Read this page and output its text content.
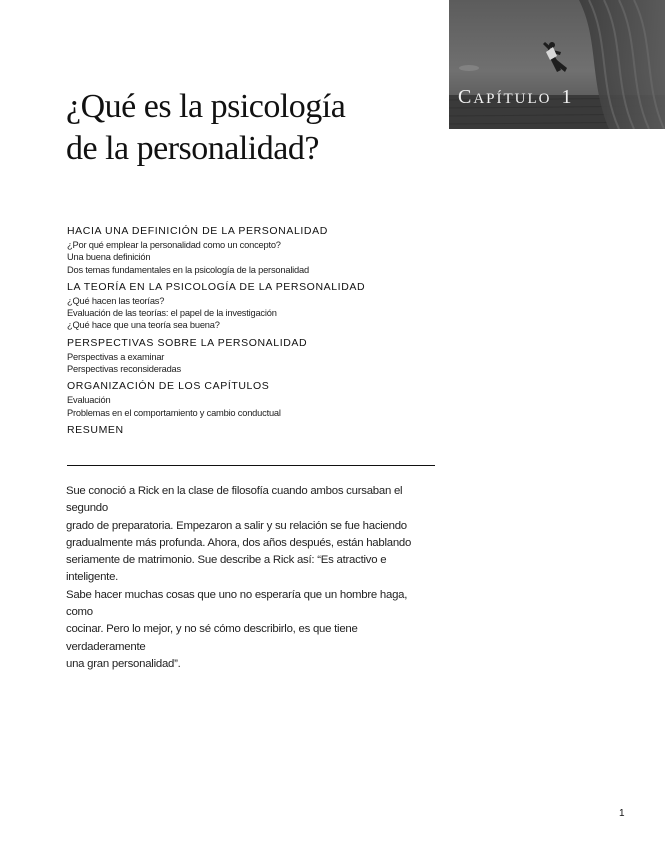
CAPÍTULO 1
¿Qué es la psicología
de la personalidad?
HACIA UNA DEFINICIÓN DE LA PERSONALIDAD
¿Por qué emplear la personalidad como un concepto?
Una buena definición
Dos temas fundamentales en la psicología de la personalidad
LA TEORÍA EN LA PSICOLOGÍA DE LA PERSONALIDAD
¿Qué hacen las teorías?
Evaluación de las teorías: el papel de la investigación
¿Qué hace que una teoría sea buena?
PERSPECTIVAS SOBRE LA PERSONALIDAD
Perspectivas a examinar
Perspectivas reconsideradas
ORGANIZACIÓN DE LOS CAPÍTULOS
Evaluación
Problemas en el comportamiento y cambio conductual
RESUMEN

Sue conoció a Rick en la clase de filosofía cuando ambos cursaban el segundo
grado de preparatoria. Empezaron a salir y su relación se fue haciendo
gradualmente más profunda. Ahora, dos años después, están hablando
seriamente de matrimonio. Sue describe a Rick así: “Es atractivo e inteligente.
Sabe hacer muchas cosas que uno no esperaría que un hombre haga, como
cocinar. Pero lo mejor, y no sé cómo describirlo, es que tiene verdaderamente
una gran personalidad”.

1
